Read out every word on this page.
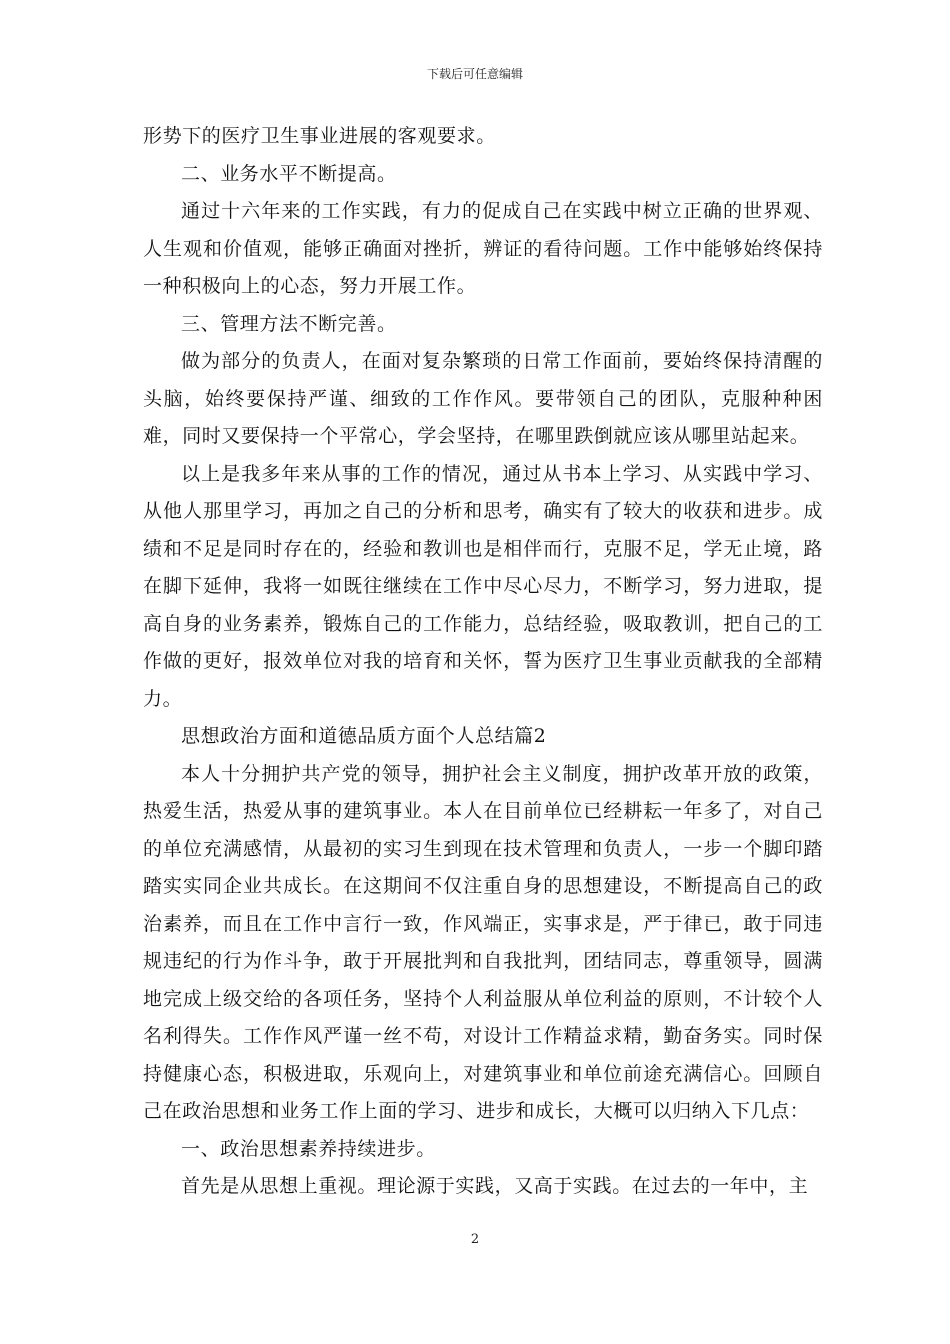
下载后可任意编辑

形势下的医疗卫生事业进展的客观要求。

二、业务水平不断提高。

通过十六年来的工作实践，有力的促成自己在实践中树立正确的世界观、人生观和价值观，能够正确面对挫折，辨证的看待问题。工作中能够始终保持一种积极向上的心态，努力开展工作。

三、管理方法不断完善。

做为部分的负责人，在面对复杂繁琐的日常工作面前，要始终保持清醒的头脑，始终要保持严谨、细致的工作作风。要带领自己的团队，克服种种困难，同时又要保持一个平常心，学会坚持，在哪里跌倒就应该从哪里站起来。

以上是我多年来从事的工作的情况，通过从书本上学习、从实践中学习、从他人那里学习，再加之自己的分析和思考，确实有了较大的收获和进步。成绩和不足是同时存在的，经验和教训也是相伴而行，克服不足，学无止境，路在脚下延伸，我将一如既往继续在工作中尽心尽力，不断学习，努力进取，提高自身的业务素养，锻炼自己的工作能力，总结经验，吸取教训，把自己的工作做的更好，报效单位对我的培育和关怀，誓为医疗卫生事业贡献我的全部精力。

思想政治方面和道德品质方面个人总结篇2

本人十分拥护共产党的领导，拥护社会主义制度，拥护改革开放的政策，热爱生活，热爱从事的建筑事业。本人在目前单位已经耕耘一年多了，对自己的单位充满感情，从最初的实习生到现在技术管理和负责人，一步一个脚印踏踏实实同企业共成长。在这期间不仅注重自身的思想建设，不断提高自己的政治素养，而且在工作中言行一致，作风端正，实事求是，严于律已，敢于同违规违纪的行为作斗争，敢于开展批判和自我批判，团结同志，尊重领导，圆满地完成上级交给的各项任务，坚持个人利益服从单位利益的原则，不计较个人名利得失。工作作风严谨一丝不苟，对设计工作精益求精，勤奋务实。同时保持健康心态，积极进取，乐观向上，对建筑事业和单位前途充满信心。回顾自己在政治思想和业务工作上面的学习、进步和成长，大概可以归纳入下几点：

一、政治思想素养持续进步。

首先是从思想上重视。理论源于实践，又高于实践。在过去的一年中，主

2
